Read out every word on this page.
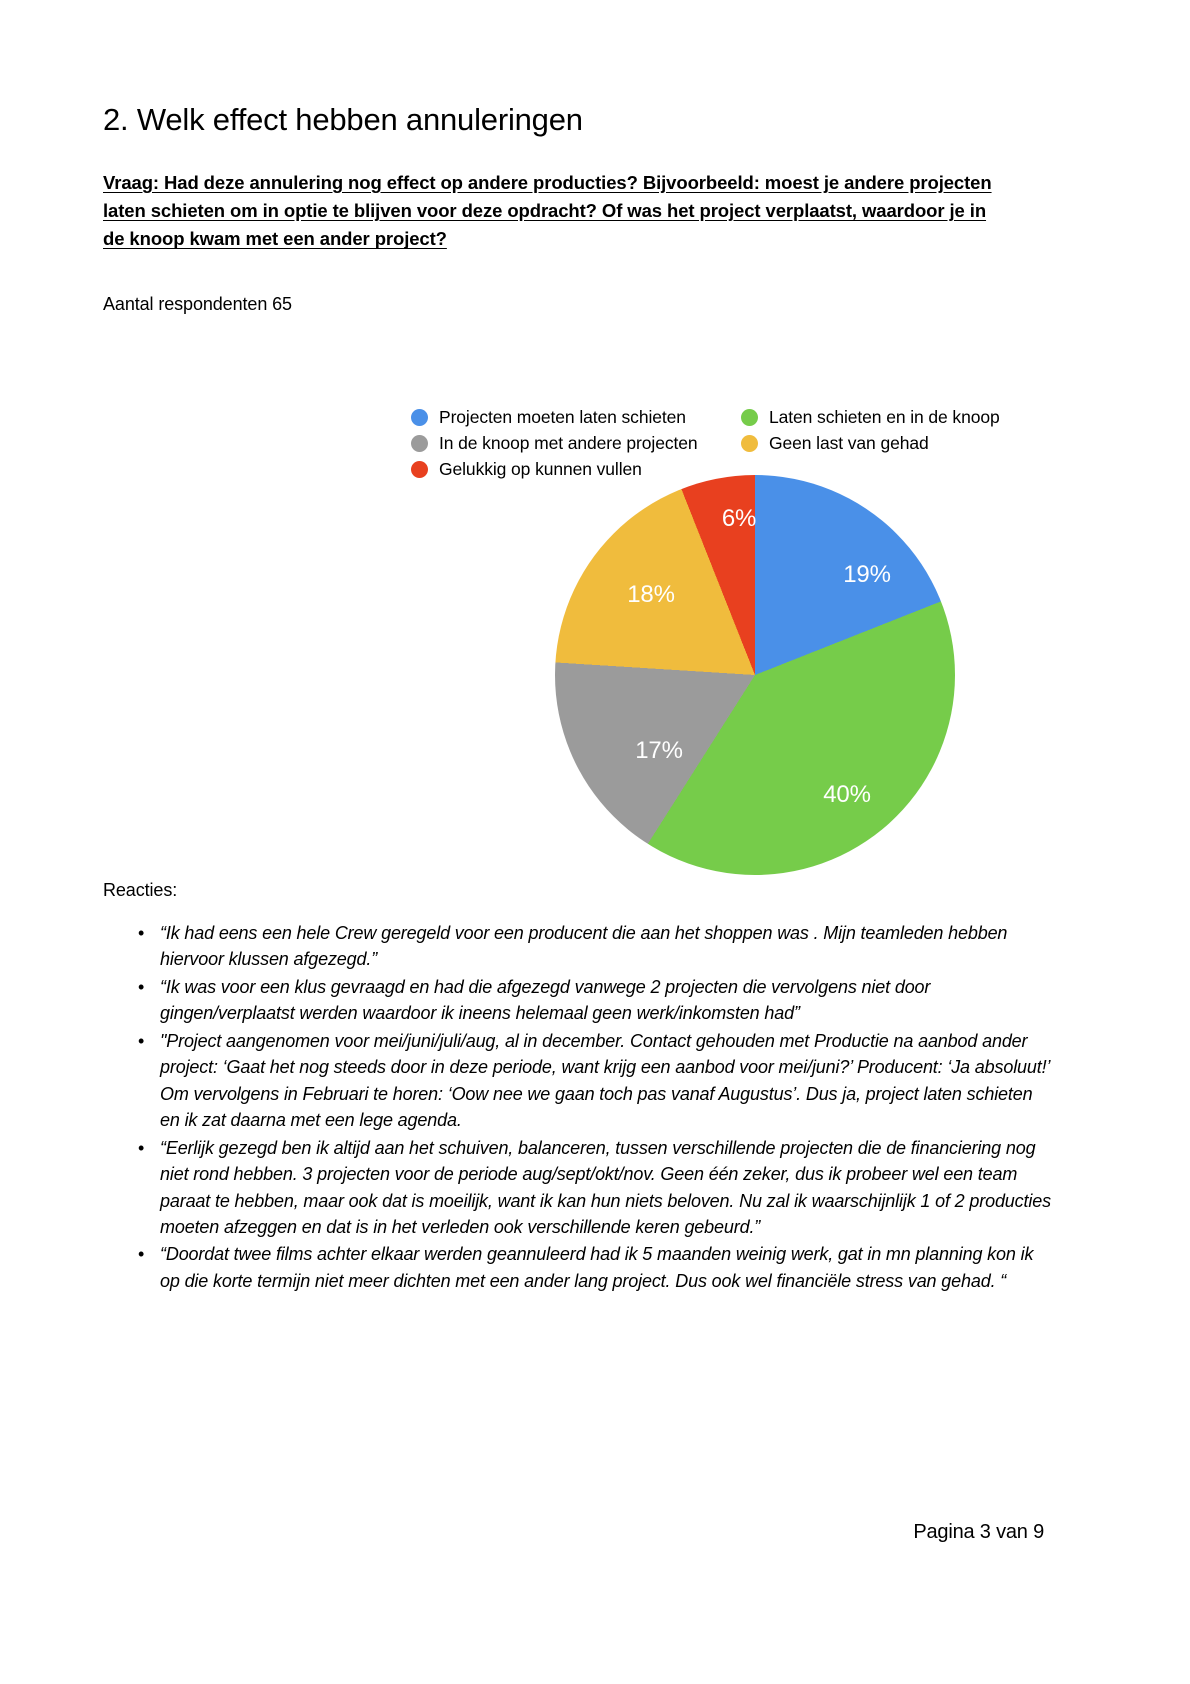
2. Welk effect hebben annuleringen
Vraag: Had deze annulering nog effect op andere producties? Bijvoorbeeld: moest je andere projecten laten schieten om in optie te blijven voor deze opdracht? Of was het project verplaatst, waardoor je in de knoop kwam met een ander project?
Aantal respondenten 65
Projecten moeten laten schieten	Laten schieten en in de knoop
In de knoop met andere projecten	Geen last van gehad
Gelukkig op kunnen vullen
19%
40%
17%
18%
6%
Reacties:
• “Ik had eens een hele Crew geregeld voor een producent die aan het shoppen was . Mijn teamleden hebben hiervoor klussen afgezegd.”
• “Ik was voor een klus gevraagd en had die afgezegd vanwege 2 projecten die vervolgens niet door gingen/verplaatst werden waardoor ik ineens helemaal geen werk/inkomsten had”
• "Project aangenomen voor mei/juni/juli/aug, al in december. Contact gehouden met Productie na aanbod ander project: ‘Gaat het nog steeds door in deze periode, want krijg een aanbod voor mei/juni?’ Producent: ‘Ja absoluut!’ Om vervolgens in Februari te horen: ‘Oow nee we gaan toch pas vanaf Augustus’. Dus ja, project laten schieten en ik zat daarna met een lege agenda.
• “Eerlijk gezegd ben ik altijd aan het schuiven, balanceren, tussen verschillende projecten die de financiering nog niet rond hebben. 3 projecten voor de periode aug/sept/okt/nov. Geen één zeker, dus ik probeer wel een team paraat te hebben, maar ook dat is moeilijk, want ik kan hun niets beloven. Nu zal ik waarschijnlijk 1 of 2 producties moeten afzeggen en dat is in het verleden ook verschillende keren gebeurd.”
• “Doordat twee films achter elkaar werden geannuleerd had ik 5 maanden weinig werk, gat in mn planning kon ik op die korte termijn niet meer dichten met een ander lang project. Dus ook wel financiële stress van gehad. “
Pagina 3 van 9
